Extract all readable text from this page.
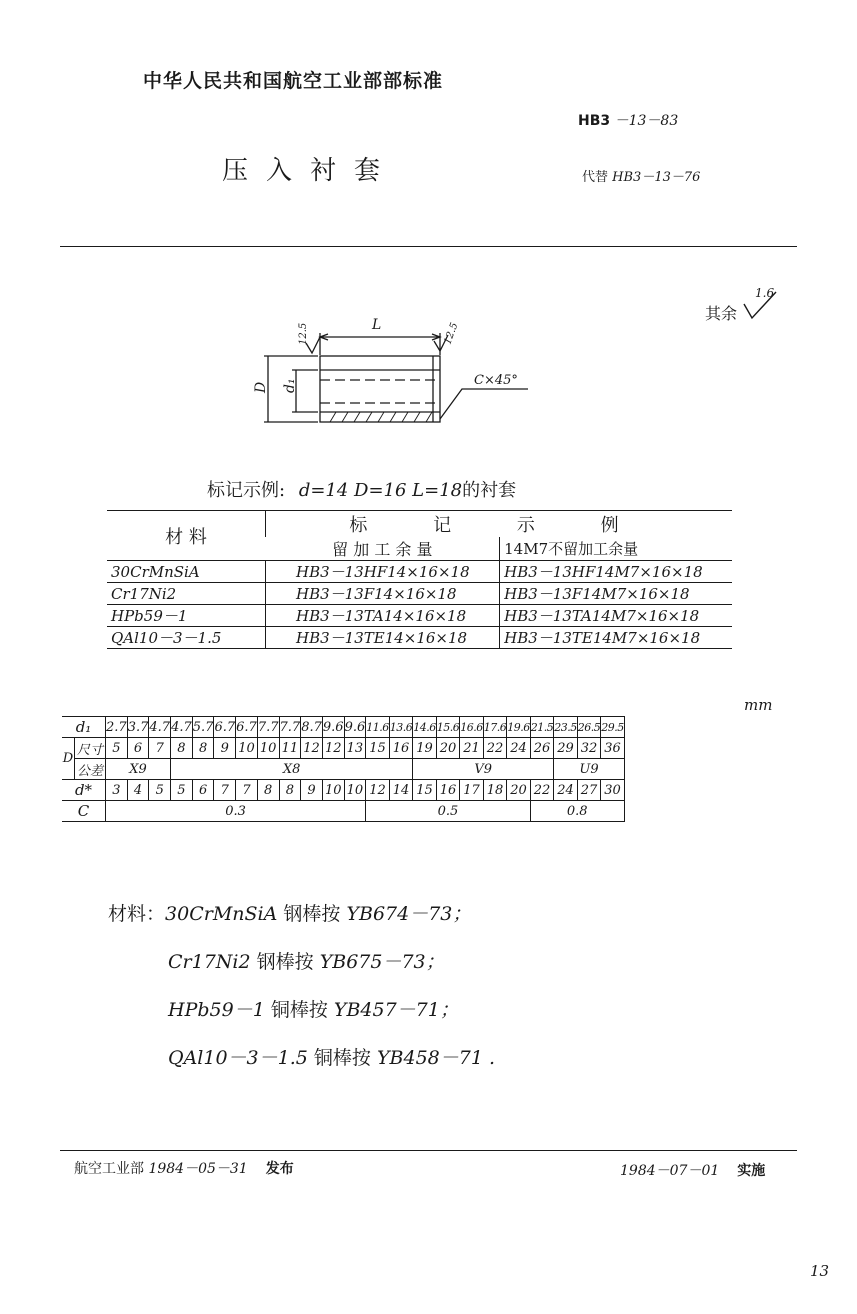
中华人民共和国航空工业部部标准
HB3 －13－83
压入衬套	代替 HB3－13－76
其余
1.6
L
D d₁
12.5	12.5
C×45°
标记示例: d=14 D=16 L=18的衬套
材 料	标 记 示 例	
	留 加 工 余 量	14M7不留加工余量
30CrMnSiA	HB3－13HF14×16×18	HB3－13HF14M7×16×18
Cr17Ni2	HB3－13F14×16×18	HB3－13F14M7×16×18
HPb59－1	HB3－13TA14×16×18	HB3－13TA14M7×16×18
QAl10－3－1.5	HB3－13TE14×16×18	HB3－13TE14M7×16×18
mm
d₁		2.7	3.7	4.7	4.7	5.7	6.7	6.7	7.7	7.7	8.7	9.6	9.6	11.6	13.6	14.6	15.6	16.6	17.6	19.6	21.5	23.5	26.5	29.5
D	尺寸	5	6	7	8	8	9	10	10	11	12	12	13	15	16	19	20	21	22	24	26	29	32	36
	公差	X9			X8											V9						U9		
d*		3	4	5	5	6	7	7	8	8	9	10	10	12	14	15	16	17	18	20	22	24	27	30
C		0.3												0.5							0.8			
材料：30CrMnSiA 钢棒按 YB674－73；
Cr17Ni2 钢棒按 YB675－73；
HPb59－1 铜棒按 YB457－71；
QAl10－3－1.5 铜棒按 YB458－71 .
航空工业部 1984－05－31 发布	1984－07－01 实施
13
